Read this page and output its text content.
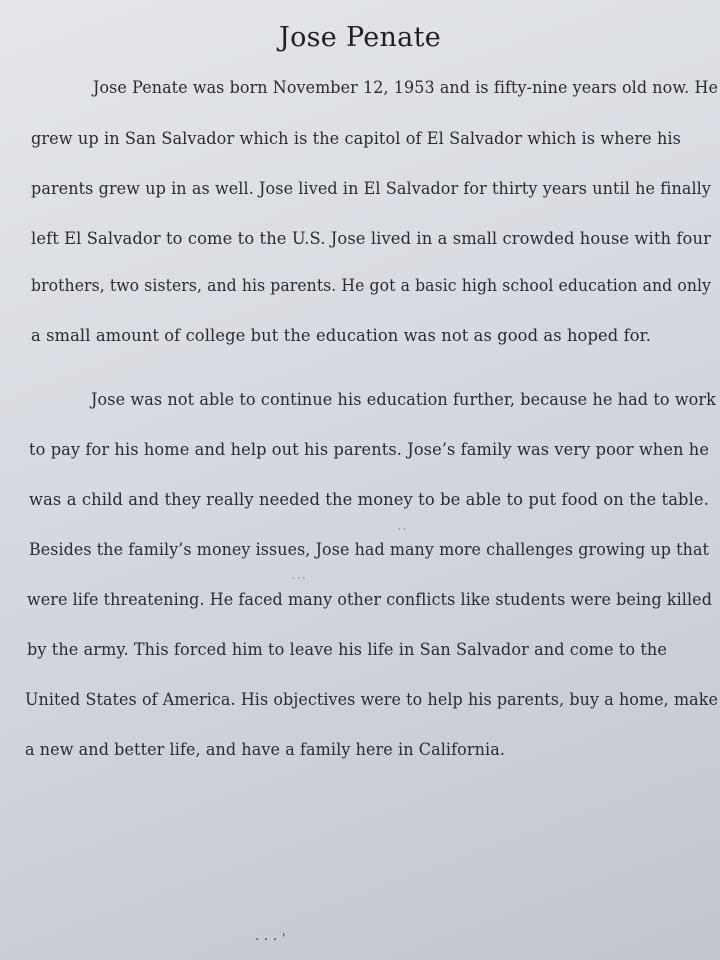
Jose Penate
Jose Penate was born November 12, 1953 and is fifty-nine years old now. He
grew up in San Salvador which is the capitol of El Salvador which is where his
parents grew up in as well. Jose lived in El Salvador for thirty years until he finally
left El Salvador to come to the U.S. Jose lived in a small crowded house with four
brothers, two sisters, and his parents. He got a basic high school education and only
a small amount of college but the education was not as good as hoped for.
Jose was not able to continue his education further, because he had to work
to pay for his home and help out his parents. Jose’s family was very poor when he
was a child and they really needed the money to be able to put food on the table.
Besides the family’s money issues, Jose had many more challenges growing up that
were life threatening. He faced many other conflicts like students were being killed
by the army. This forced him to leave his life in San Salvador and come to the
United States of America. His objectives were to help his parents, buy a home, make
a new and better life, and have a family here in California.
ˈ ˈ
ˈ ˈ ˈ
· · · ˈ
